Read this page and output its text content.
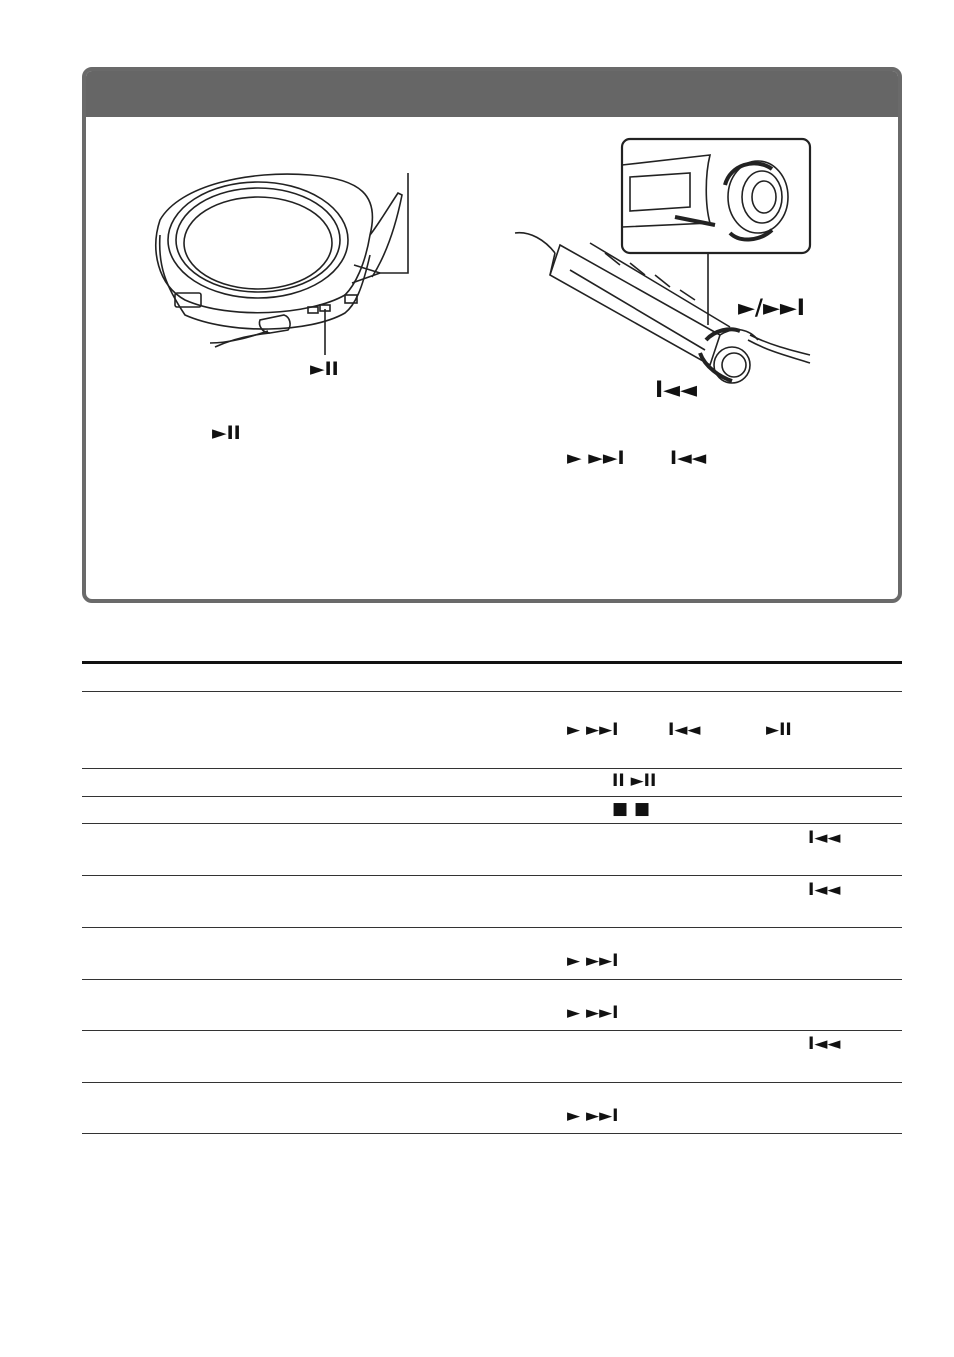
►II
►II
►/►►I
I◄◄
► ►►I I◄◄
► ►►I	I◄◄	►II
II ►II
■ ■
I◄◄
I◄◄
► ►►I
► ►►I
I◄◄
► ►►I
